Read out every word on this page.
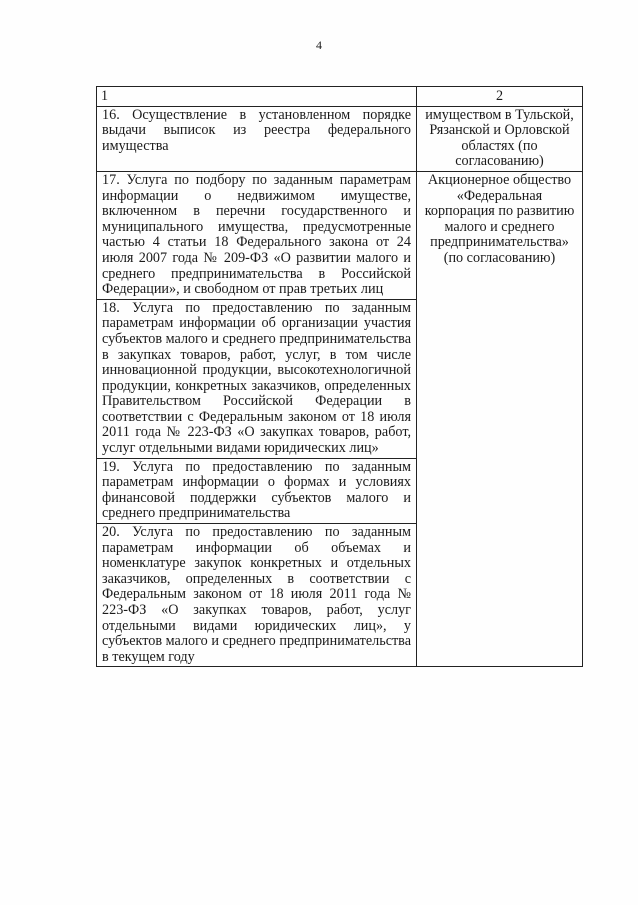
4
1	2
16. Осуществление в установленном порядке выдачи выписок из реестра федерального имущества	имуществом в Тульской, Рязанской и Орловской областях (по согласованию)
17. Услуга по подбору по заданным параметрам информации о недвижимом имуществе, включенном в перечни государственного и муниципального имущества, предусмотренные частью 4 статьи 18 Федерального закона от 24 июля 2007 года № 209-ФЗ «О развитии малого и среднего предпринимательства в Российской Федерации», и свободном от прав третьих лиц	Акционерное общество «Федеральная корпорация по развитию малого и среднего предпринимательства» (по согласованию)
18. Услуга по предоставлению по заданным параметрам информации об организации участия субъектов малого и среднего предпринимательства в закупках товаров, работ, услуг, в том числе инновационной продукции, высокотехнологичной продукции, конкретных заказчиков, определенных Правительством Российской Федерации в соответствии с Федеральным законом от 18 июля 2011 года № 223-ФЗ «О закупках товаров, работ, услуг отдельными видами юридических лиц»	
19. Услуга по предоставлению по заданным параметрам информации о формах и условиях финансовой поддержки субъектов малого и среднего предпринимательства	
20. Услуга по предоставлению по заданным параметрам информации об объемах и номенклатуре закупок конкретных и отдельных заказчиков, определенных в соответствии с Федеральным законом от 18 июля 2011 года № 223-ФЗ «О закупках товаров, работ, услуг отдельными видами юридических лиц», у субъектов малого и среднего предпринимательства в текущем году	
